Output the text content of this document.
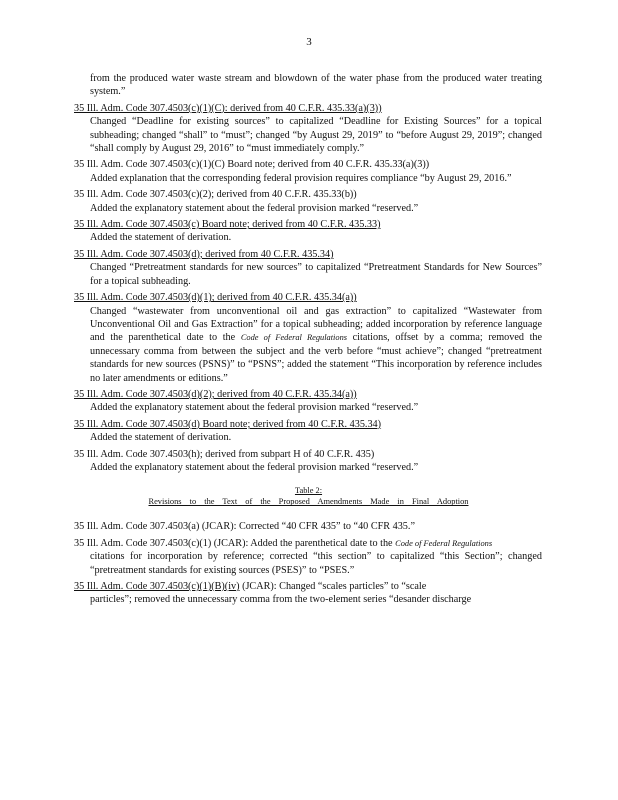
3
from the produced water waste stream and blowdown of the water phase from the produced water treating system.”
35 Ill. Adm. Code 307.4503(c)(1)(C): derived from 40 C.F.R. 435.33(a)(3))
Changed “Deadline for existing sources” to capitalized “Deadline for Existing Sources” for a topical subheading; changed “shall” to “must”; changed “by August 29, 2019” to “before August 29, 2019”; changed “shall comply by August 29, 2016” to “must immediately comply.”
35 Ill. Adm. Code 307.4503(c)(1)(C) Board note; derived from 40 C.F.R. 435.33(a)(3))
Added explanation that the corresponding federal provision requires compliance “by August 29, 2016.”
35 Ill. Adm. Code 307.4503(c)(2); derived from 40 C.F.R. 435.33(b))
Added the explanatory statement about the federal provision marked “reserved.”
35 Ill. Adm. Code 307.4503(c) Board note; derived from 40 C.F.R. 435.33)
Added the statement of derivation.
35 Ill. Adm. Code 307.4503(d); derived from 40 C.F.R. 435.34)
Changed “Pretreatment standards for new sources” to capitalized “Pretreatment Standards for New Sources” for a topical subheading.
35 Ill. Adm. Code 307.4503(d)(1); derived from 40 C.F.R. 435.34(a))
Changed “wastewater from unconventional oil and gas extraction” to capitalized “Wastewater from Unconventional Oil and Gas Extraction” for a topical subheading; added incorporation by reference language and the parenthetical date to the Code of Federal Regulations citations, offset by a comma; removed the unnecessary comma from between the subject and the verb before “must achieve”; changed “pretreatment standards for new sources (PSNS)” to “PSNS”; added the statement “This incorporation by reference includes no later amendments or editions.”
35 Ill. Adm. Code 307.4503(d)(2); derived from 40 C.F.R. 435.34(a))
Added the explanatory statement about the federal provision marked “reserved.”
35 Ill. Adm. Code 307.4503(d) Board note; derived from 40 C.F.R. 435.34)
Added the statement of derivation.
35 Ill. Adm. Code 307.4503(h); derived from subpart H of 40 C.F.R. 435)
Added the explanatory statement about the federal provision marked “reserved.”
Table 2:
Revisions to the Text of the Proposed Amendments Made in Final Adoption
35 Ill. Adm. Code 307.4503(a) (JCAR): Corrected “40 CFR 435” to “40 CFR 435.”
35 Ill. Adm. Code 307.4503(c)(1) (JCAR): Added the parenthetical date to the Code of Federal Regulations
citations for incorporation by reference; corrected “this section” to capitalized “this Section”; changed “pretreatment standards for existing sources (PSES)” to “PSES.”
35 Ill. Adm. Code 307.4503(c)(1)(B)(iv) (JCAR): Changed “scales particles” to “scale
particles”; removed the unnecessary comma from the two-element series “desander discharge
